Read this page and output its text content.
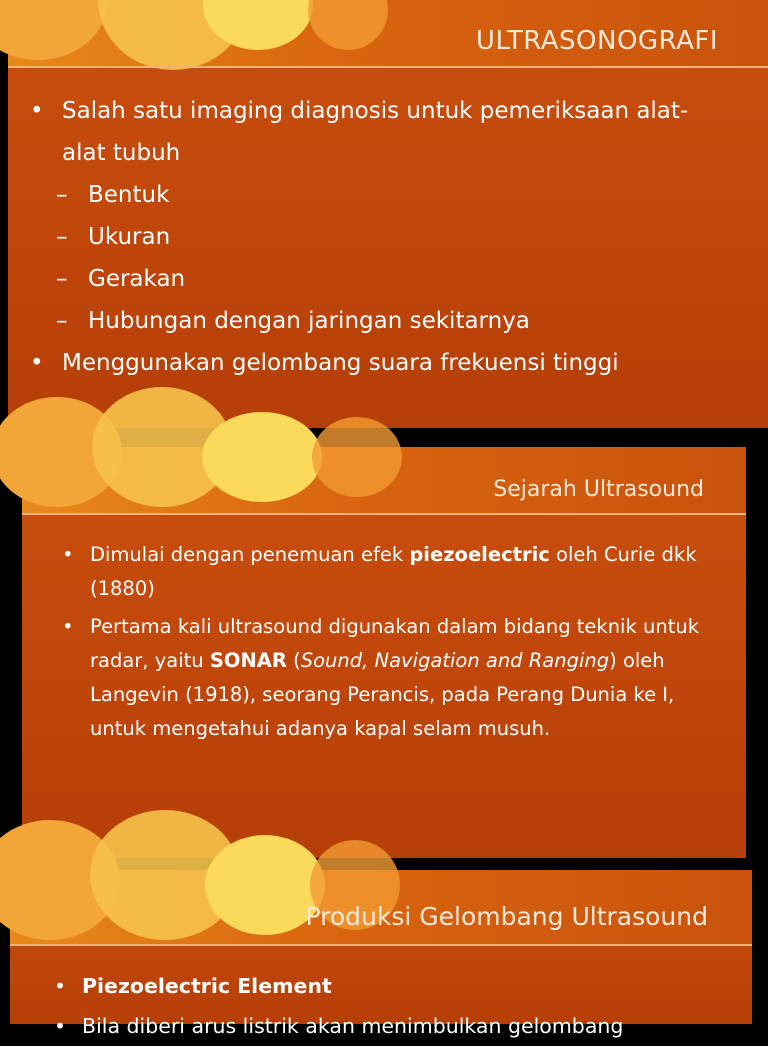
ULTRASONOGRAFI
• Salah satu imaging diagnosis untuk pemeriksaan alat-alat tubuh
– Bentuk
– Ukuran
– Gerakan
– Hubungan dengan jaringan sekitarnya
• Menggunakan gelombang suara frekuensi tinggi
Sejarah Ultrasound
• Dimulai dengan penemuan efek piezoelectric oleh Curie dkk (1880)
• Pertama kali ultrasound digunakan dalam bidang teknik untuk radar, yaitu SONAR (Sound, Navigation and Ranging) oleh Langevin (1918), seorang Perancis, pada Perang Dunia ke I, untuk mengetahui adanya kapal selam musuh.
Produksi Gelombang Ultrasound
• Piezoelectric Element
• Bila diberi arus listrik akan menimbulkan gelombang
